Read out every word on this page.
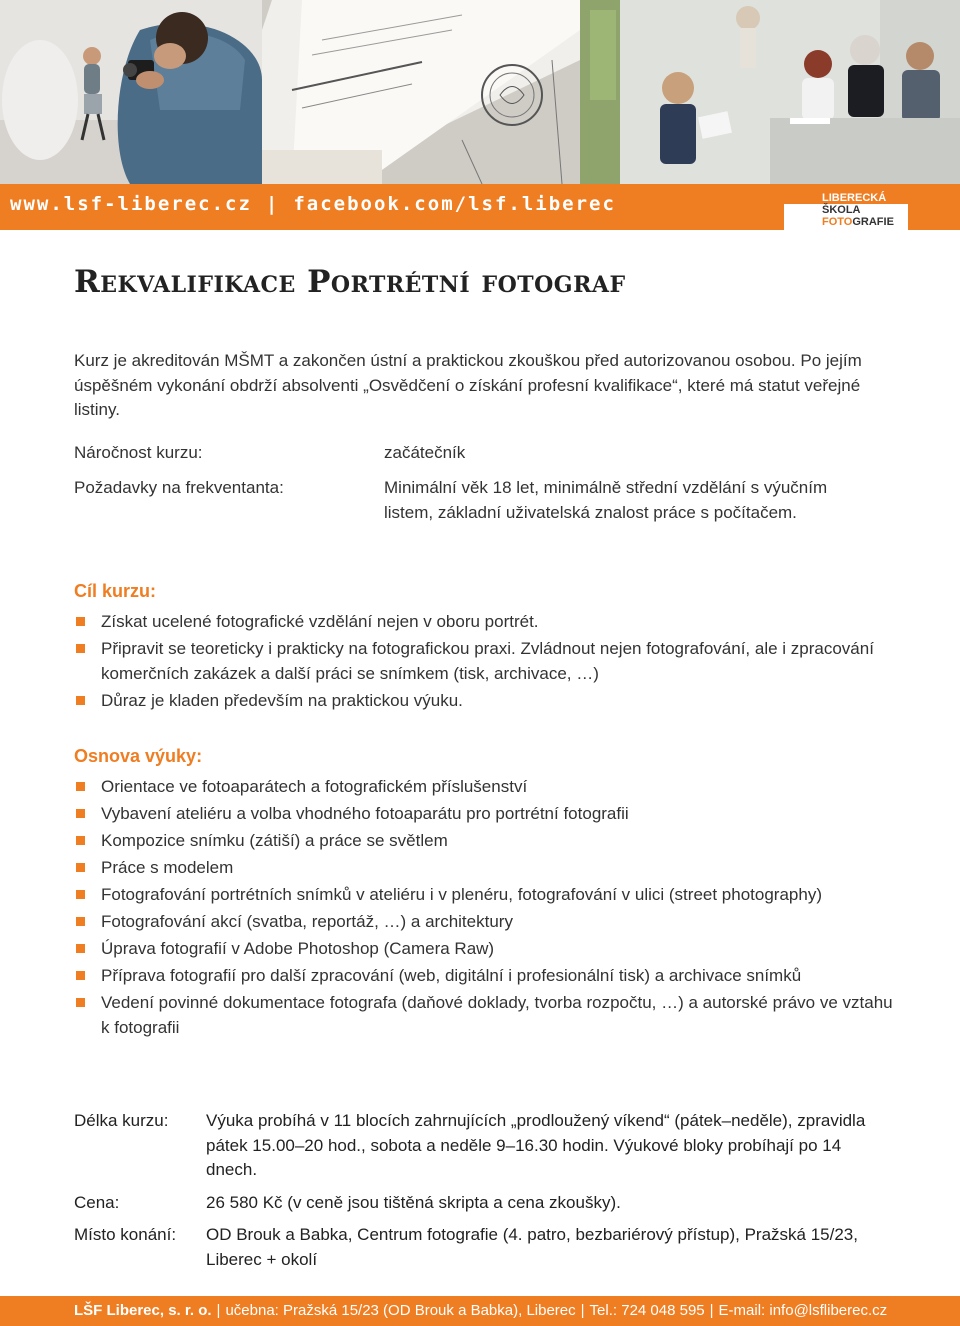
www.lsf-liberec.cz | facebook.com/lsf.liberec
LSF
LIBERECKÁ
ŠKOLA
FOTOGRAFIE
Rekvalifikace Portrétní fotograf

Kurz je akreditován MŠMT a zakončen ústní a praktickou zkouškou před autorizovanou osobou. Po jejím úspěšném vykonání obdrží absolventi „Osvědčení o získání profesní kvalifikace“, které má statut veřejné listiny.

Náročnost kurzu:	začátečník
Požadavky na frekventanta:	Minimální věk 18 let, minimálně střední vzdělání s výučním listem, základní uživatelská znalost práce s počítačem.
Cíl kurzu:
Získat ucelené fotografické vzdělání nejen v oboru portrét.
Připravit se teoreticky i prakticky na fotografickou praxi. Zvládnout nejen fotografování, ale i zpracování komerčních zakázek a další práci se snímkem (tisk, archivace, …)
Důraz je kladen především na praktickou výuku.
Osnova výuky:
Orientace ve fotoaparátech a fotografickém příslušenství
Vybavení ateliéru a volba vhodného fotoaparátu pro portrétní fotografii
Kompozice snímku (zátiší) a práce se světlem
Práce s modelem
Fotografování portrétních snímků v ateliéru i v plenéru, fotografování v ulici (street photography)
Fotografování akcí (svatba, reportáž, …) a architektury
Úprava fotografií v Adobe Photoshop (Camera Raw)
Příprava fotografií pro další zpracování (web, digitální i profesionální tisk) a archivace snímků
Vedení povinné dokumentace fotografa (daňové doklady, tvorba rozpočtu, …) a autorské právo ve vztahu k fotografii
Délka kurzu:	Výuka probíhá v 11 blocích zahrnujících „prodloužený víkend“ (pátek–neděle), zpravidla pátek 15.00–20 hod., sobota a neděle 9–16.30 hodin. Výukové bloky probíhají po 14 dnech.
Cena:	26 580 Kč (v ceně jsou tištěná skripta a cena zkoušky).
Místo konání:	OD Brouk a Babka, Centrum fotografie (4. patro, bezbariérový přístup), Pražská 15/23, Liberec + okolí
LŠF Liberec, s. r. o. | učebna: Pražská 15/23 (OD Brouk a Babka), Liberec | Tel.: 724 048 595 | E-mail: info@lsfliberec.cz
